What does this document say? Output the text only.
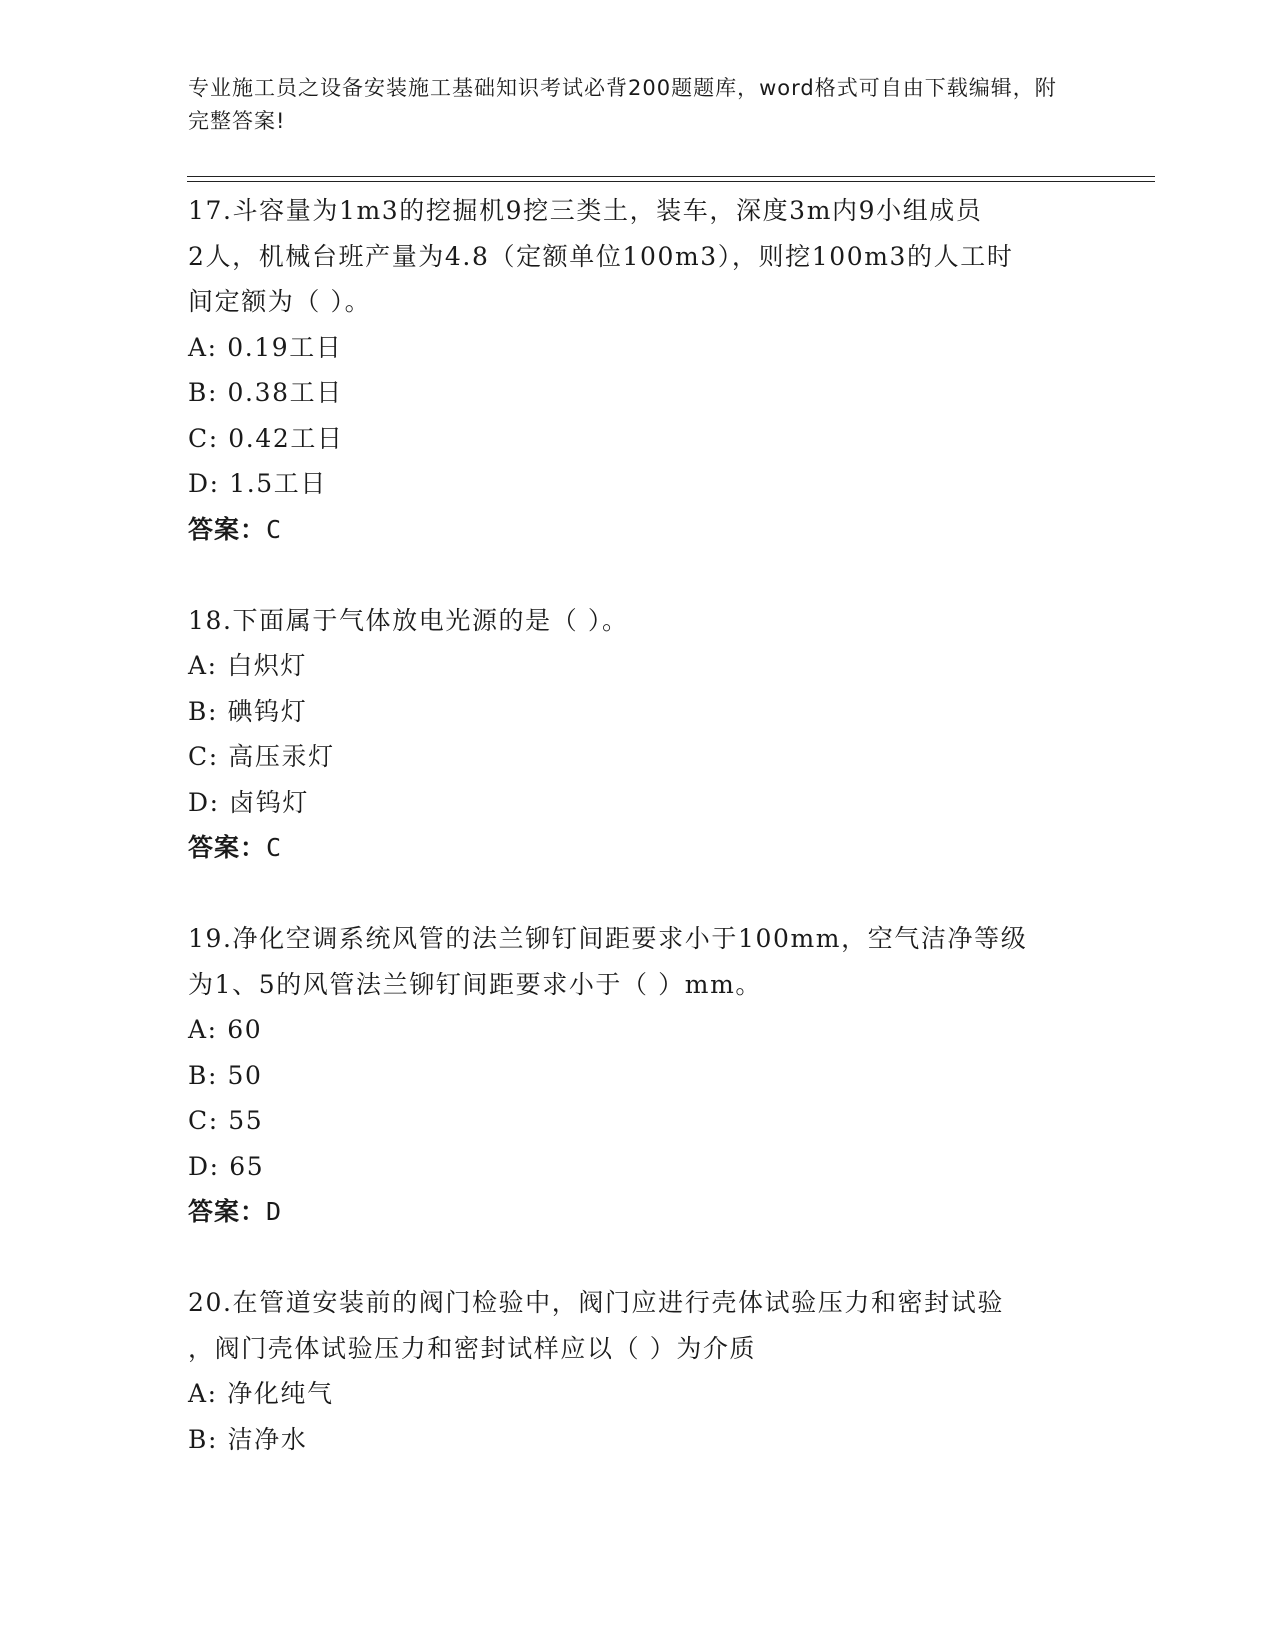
专业施工员之设备安装施工基础知识考试必背200题题库，word格式可自由下载编辑，附完整答案!
17.斗容量为1m3的挖掘机9挖三类土，装车，深度3m内9小组成员
2人，机械台班产量为4.8（定额单位100m3），则挖100m3的人工时
间定额为（ ）。
A: 0.19工日
B: 0.38工日
C: 0.42工日
D: 1.5工日
答案：C
18.下面属于气体放电光源的是（ ）。
A: 白炽灯
B: 碘钨灯
C: 高压汞灯
D: 卤钨灯
答案：C
19.净化空调系统风管的法兰铆钉间距要求小于100mm，空气洁净等级
为1、5的风管法兰铆钉间距要求小于（ ）mm。
A: 60
B: 50
C: 55
D: 65
答案：D
20.在管道安装前的阀门检验中，阀门应进行壳体试验压力和密封试验
，阀门壳体试验压力和密封试样应以（ ）为介质
A: 净化纯气
B: 洁净水
